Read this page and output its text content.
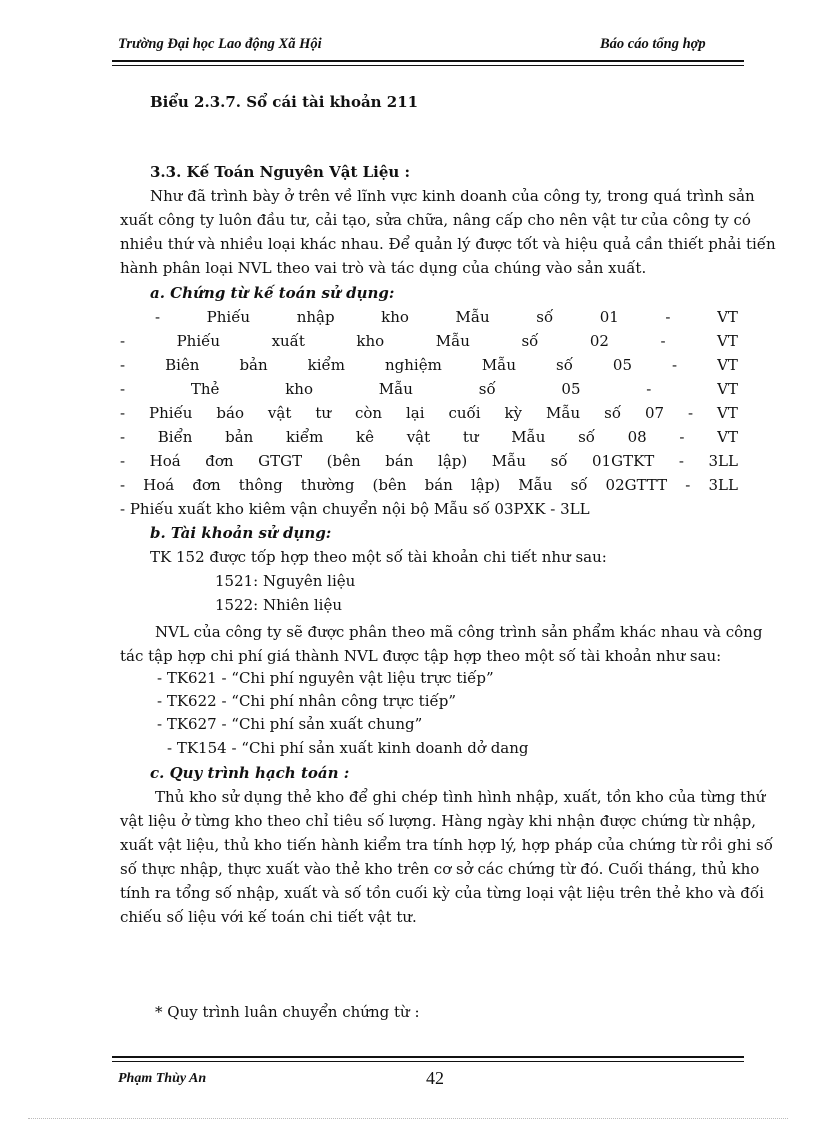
Trường Đại học Lao động Xã Hội	Báo cáo tổng hợp
Biểu 2.3.7. Sổ cái tài khoản 211
3.3. Kế Toán Nguyên Vật Liệu :
Như đã trình bày ở trên về lĩnh vực kinh doanh của công ty, trong quá trình sản
xuất công ty luôn đầu tư, cải tạo, sửa chữa, nâng cấp cho nên vật tư của công ty có
nhiều thứ và nhiều loại khác nhau. Để quản lý được tốt và hiệu quả cần thiết phải tiến
hành phân loại NVL theo vai trò và tác dụng của chúng vào sản xuất.
a. Chứng từ kế toán sử dụng:
-	Phiếu	nhập	kho	Mẫu	số	01	-	VT
-	Phiếu	xuất	kho	Mẫu	số	02	-	VT
-	Biên	bản	kiểm	nghiệm	Mẫu	số	05	-	VT
-	Thẻ	kho	Mẫu	số	05	-	VT
- Phiếu báo vật tư còn lại cuối kỳ Mẫu số 07 - VT
- Biển bản kiểm kê vật tư Mẫu số 08 - VT
- Hoá đơn GTGT (bên bán lập) Mẫu số 01GTKT - 3LL
- Hoá đơn thông thường (bên bán lập) Mẫu số 02GTTT - 3LL
- Phiếu xuất kho kiêm vận chuyển nội bộ Mẫu số 03PXK - 3LL
b. Tài khoản sử dụng:
TK 152 được tốp hợp theo một số tài khoản chi tiết như sau:
1521: Nguyên liệu
1522: Nhiên liệu
NVL của công ty sẽ được phân theo mã công trình sản phẩm khác nhau và công
tác tập hợp chi phí giá thành NVL được tập hợp theo một số tài khoản như sau:
- TK621 - “Chi phí nguyên vật liệu trực tiếp”
- TK622 - “Chi phí nhân công trực tiếp”
- TK627 - “Chi phí sản xuất chung”
- TK154 - “Chi phí sản xuất kinh doanh dở dang
c. Quy trình hạch toán :
Thủ kho sử dụng thẻ kho để ghi chép tình hình nhập, xuất, tồn kho của từng thứ
vật liệu ở từng kho theo chỉ tiêu số lượng. Hàng ngày khi nhận được chứng từ nhập,
xuất vật liệu, thủ kho tiến hành kiểm tra tính hợp lý, hợp pháp của chứng từ rồi ghi số
số thực nhập, thực xuất vào thẻ kho trên cơ sở các chứng từ đó. Cuối tháng, thủ kho
tính ra tổng số nhập, xuất và số tồn cuối kỳ của từng loại vật liệu trên thẻ kho và đối
chiếu số liệu với kế toán chi tiết vật tư.
* Quy trình luân chuyển chứng từ :
Phạm Thùy An	42
